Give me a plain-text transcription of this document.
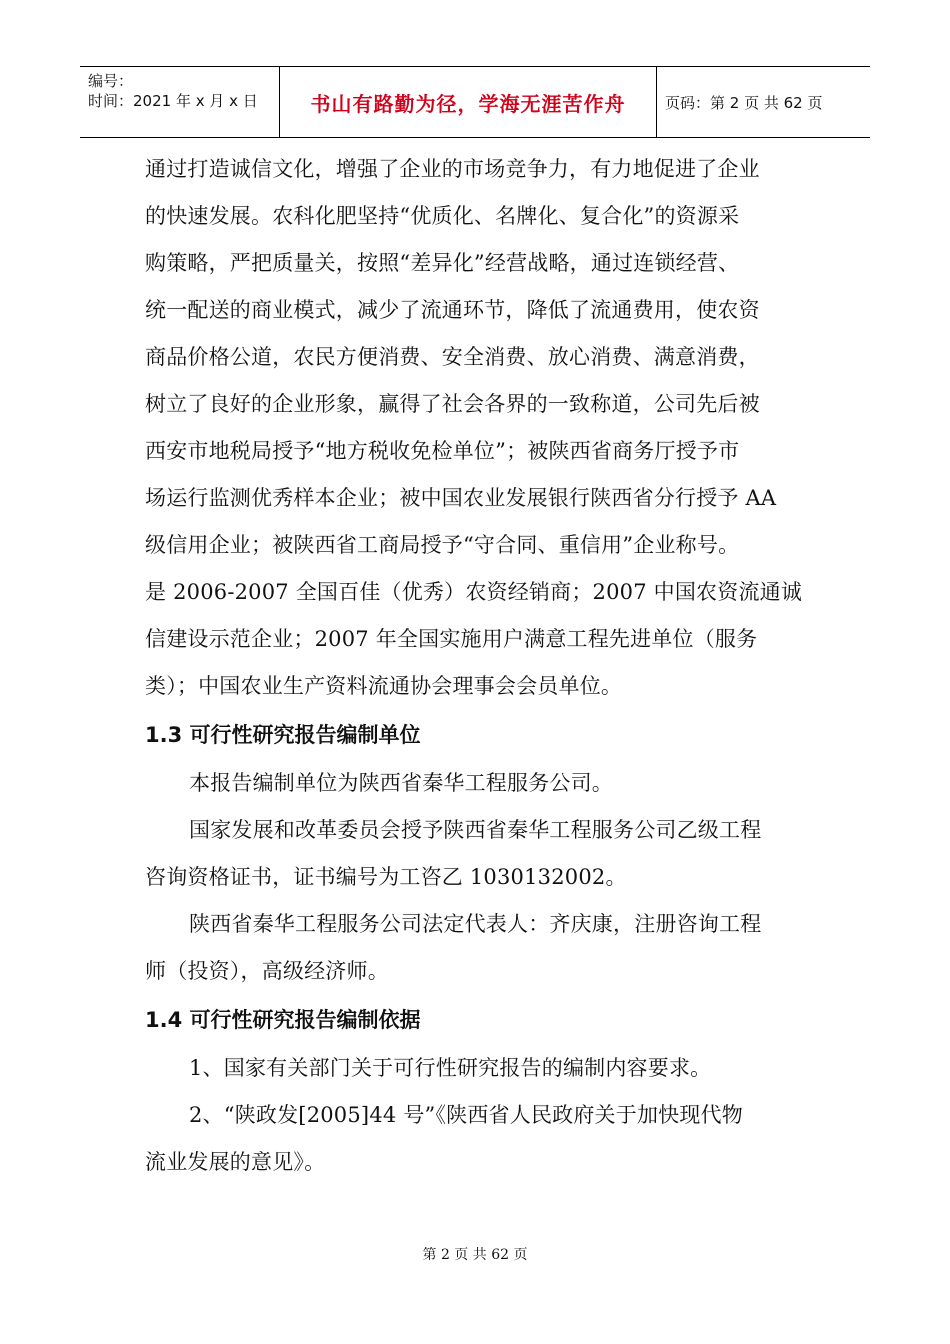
编号：
时间：2021 年 x 月 x 日	书山有路勤为径，学海无涯苦作舟	页码：第 2 页 共 62 页
通过打造诚信文化，增强了企业的市场竞争力，有力地促进了企业
的快速发展。农科化肥坚持“优质化、名牌化、复合化”的资源采
购策略，严把质量关，按照“差异化”经营战略，通过连锁经营、
统一配送的商业模式，减少了流通环节，降低了流通费用，使农资
商品价格公道，农民方便消费、安全消费、放心消费、满意消费，
树立了良好的企业形象，赢得了社会各界的一致称道，公司先后被
西安市地税局授予“地方税收免检单位”；被陕西省商务厅授予市
场运行监测优秀样本企业；被中国农业发展银行陕西省分行授予 AA
级信用企业；被陕西省工商局授予“守合同、重信用”企业称号。
是 2006-2007 全国百佳（优秀）农资经销商；2007 中国农资流通诚
信建设示范企业；2007 年全国实施用户满意工程先进单位（服务
类）；中国农业生产资料流通协会理事会会员单位。
1.3 可行性研究报告编制单位
本报告编制单位为陕西省秦华工程服务公司。
国家发展和改革委员会授予陕西省秦华工程服务公司乙级工程
咨询资格证书，证书编号为工咨乙 1030132002。
陕西省秦华工程服务公司法定代表人：齐庆康，注册咨询工程
师（投资），高级经济师。
1.4 可行性研究报告编制依据
1、国家有关部门关于可行性研究报告的编制内容要求。
2、“陕政发[2005]44 号”《陕西省人民政府关于加快现代物
流业发展的意见》。
第 2 页 共 62 页
